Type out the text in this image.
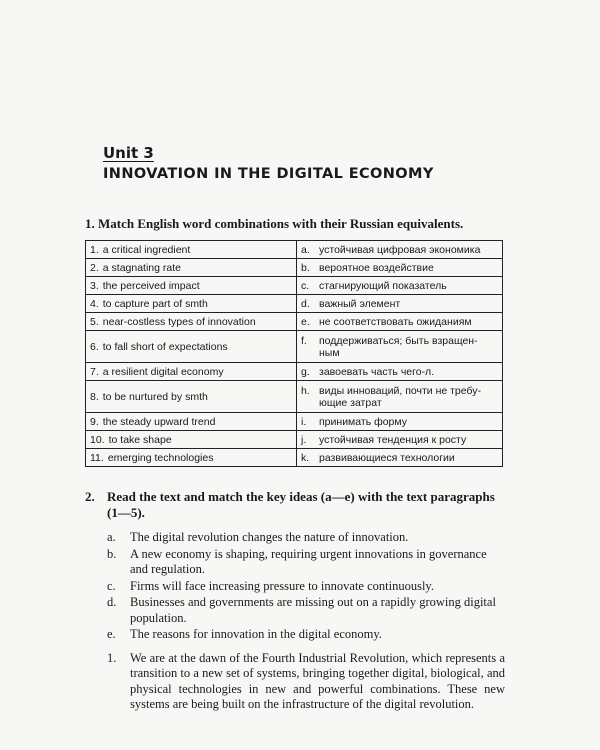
Unit 3
INNOVATION IN THE DIGITAL ECONOMY
1. Match English word combinations with their Russian equivalents.
1. a critical ingredient	a. устойчивая цифровая экономика

2. a stagnating rate	b. вероятное воздействие

3. the perceived impact	c. стагнирующий показатель

4. to capture part of smth	d. важный элемент

5. near-costless types of innovation	e. не соответствовать ожиданиям

6. to fall short of expectations	f. поддерживаться; быть взращен-ным

7. a resilient digital economy	g. завоевать часть чего-л.

8. to be nurtured by smth	h. виды инноваций, почти не требу-ющие затрат

9. the steady upward trend	i. принимать форму

10. to take shape	j. устойчивая тенденция к росту

11. emerging technologies	k. развивающиеся технологии
2. Read the text and match the key ideas (a—e) with the text paragraphs (1—5).
a.	The digital revolution changes the nature of innovation.
b.	A new economy is shaping, requiring urgent innovations in governance and regulation.
c.	Firms will face increasing pressure to innovate continuously.
d.	Businesses and governments are missing out on a rapidly growing digital population.
e.	The reasons for innovation in the digital economy.
1.	We are at the dawn of the Fourth Industrial Revolution, which represents a transition to a new set of systems, bringing together digital, biological, and physical technologies in new and powerful combinations. These new systems are being built on the infrastructure of the digital revolution.
